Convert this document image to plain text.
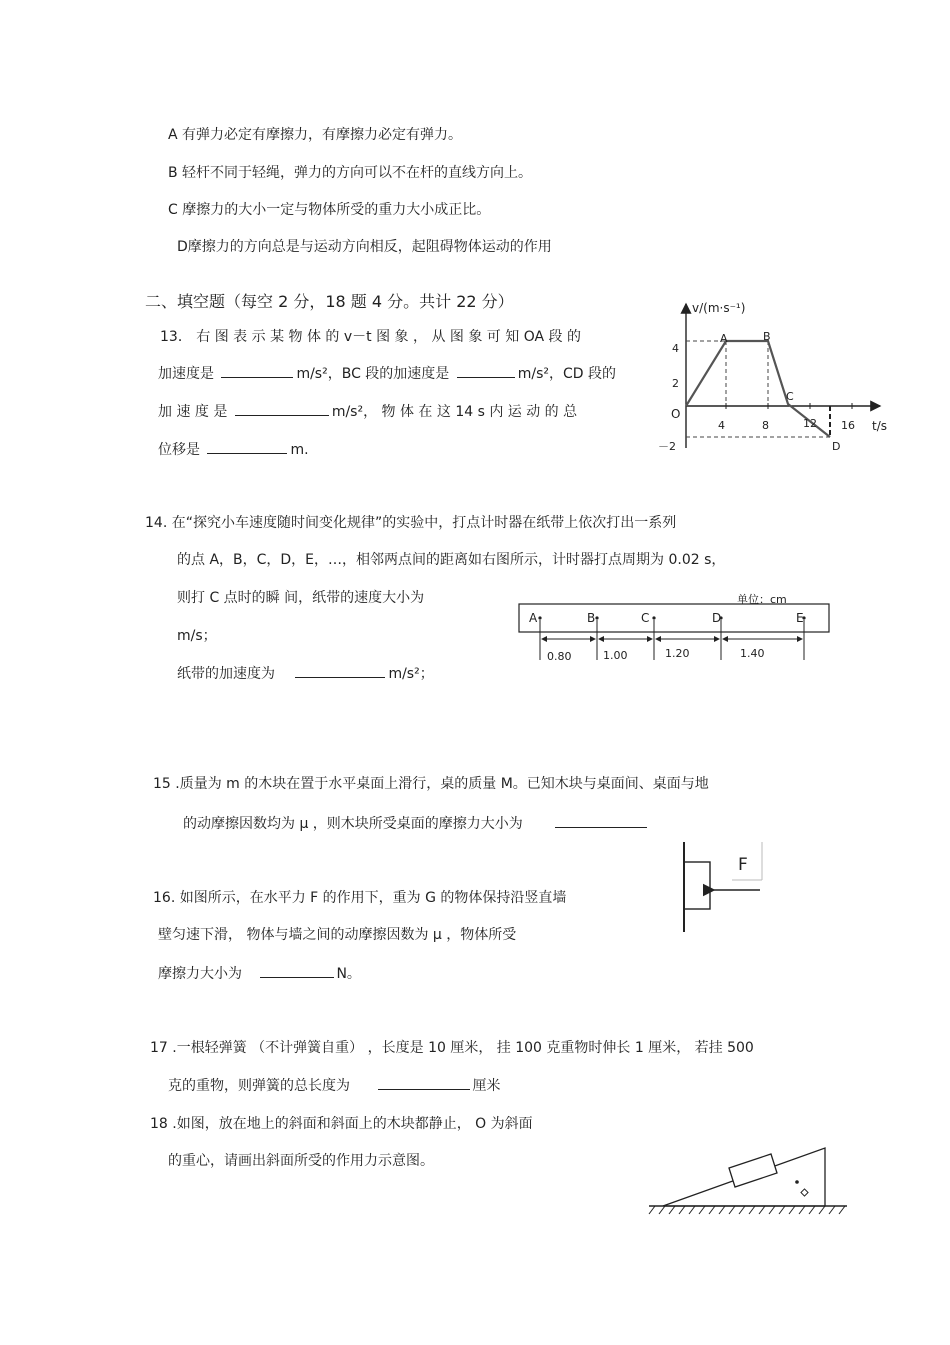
A 有弹力必定有摩擦力，有摩擦力必定有弹力。
B 轻杆不同于轻绳，弹力的方向可以不在杆的直线方向上。
C 摩擦力的大小一定与物体所受的重力大小成正比。
D摩擦力的方向总是与运动方向相反，起阻碍物体运动的作用
二、填空题（每空 2 分，18 题 4 分。共计 22 分）
13． 右 图 表 示 某 物 体 的 v－t 图 象 ， 从 图 象 可 知 OA 段 的
加速度是	m/s²，BC 段的加速度是	m/s²，CD 段的
加 速 度 是	m/s²， 物 体 在 这 14 s 内 运 动 的 总
位移是	m.
v/(m·s⁻¹)
t/s
O
4
2
－2
4	8	12 16
A	B
C
D
14. 在“探究小车速度随时间变化规律”的实验中，打点计时器在纸带上依次打出一系列
的点 A，B，C，D，E，…，相邻两点间的距离如右图所示，计时器打点周期为 0.02 s，
则打 C 点时的瞬 间，纸带的速度大小为
m/s；
纸带的加速度为	m/s²；
单位：cm
A	B	C	D	E
0.80	1.00	1.20	1.40
15 .质量为 m 的木块在置于水平桌面上滑行，桌的质量 M。已知木块与桌面间、桌面与地
的动摩擦因数均为 μ ，则木块所受桌面的摩擦力大小为
F
16. 如图所示，在水平力 F 的作用下，重为 G 的物体保持沿竖直墙
壁匀速下滑， 物体与墙之间的动摩擦因数为 μ ，物体所受
摩擦力大小为	N。
17 .一根轻弹簧 （不计弹簧自重） ，长度是 10 厘米， 挂 100 克重物时伸长 1 厘米， 若挂 500
克的重物，则弹簧的总长度为	厘米
18 .如图，放在地上的斜面和斜面上的木块都静止， O 为斜面
的重心，请画出斜面所受的作用力示意图。
